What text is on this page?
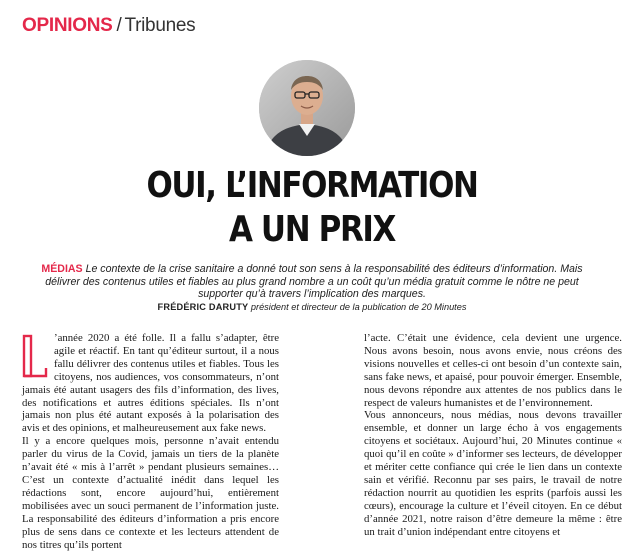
OPINIONS / Tribunes
OUI, L’INFORMATION
A UN PRIX
MÉDIAS Le contexte de la crise sanitaire a donné tout son sens à la responsabilité des éditeurs d’information. Mais délivrer des contenus utiles et fiables au plus grand nombre a un coût qu’un média gratuit comme le nôtre ne peut supporter qu’à travers l’implication des marques.
FRÉDÉRIC DARUTY président et directeur de la publication de 20 Minutes

’année 2020 a été folle. Il a fallu s’adapter, être agile et réactif. En tant qu’éditeur surtout, il a nous fallu délivrer des contenus utiles et fiables. Tous les citoyens, nos audiences, vos consommateurs, n’ont jamais été autant usagers des fils d’information, des lives, des notifications et autres éditions spéciales. Ils n’ont jamais non plus été autant exposés à la polarisation des avis et des opinions, et malheureusement aux fake news.

Il y a encore quelques mois, personne n’avait entendu parler du virus de la Covid, jamais un tiers de la planète n’avait été « mis à l’arrêt » pendant plusieurs semaines… C’est un contexte d’actualité inédit dans lequel les rédactions sont, encore aujourd’hui, entièrement mobilisées avec un souci permanent de l’information juste. La responsabilité des éditeurs d’information a pris encore plus de sens dans ce contexte et les lecteurs attendent de nos titres qu’ils portent

l’acte. C’était une évidence, cela devient une urgence. Nous avons besoin, nous avons envie, nous créons des visions nouvelles et celles-ci ont besoin d’un contexte sain, sans fake news, et apaisé, pour pouvoir émerger. Ensemble, nous devons répondre aux attentes de nos publics dans le respect de valeurs humanistes et de l’environnement.

Vous annonceurs, nous médias, nous devons travailler ensemble, et donner un large écho à vos engagements citoyens et sociétaux. Aujourd’hui, 20 Minutes continue « quoi qu’il en coûte » d’informer ses lecteurs, de développer et mériter cette confiance qui crée le lien dans un contexte sain et vérifié. Reconnu par ses pairs, le travail de notre rédaction nourrit au quotidien les esprits (parfois aussi les cœurs), encourage la culture et l’éveil citoyen. En ce début d’année 2021, notre raison d’être demeure la même : être un trait d’union indépendant entre citoyens et
